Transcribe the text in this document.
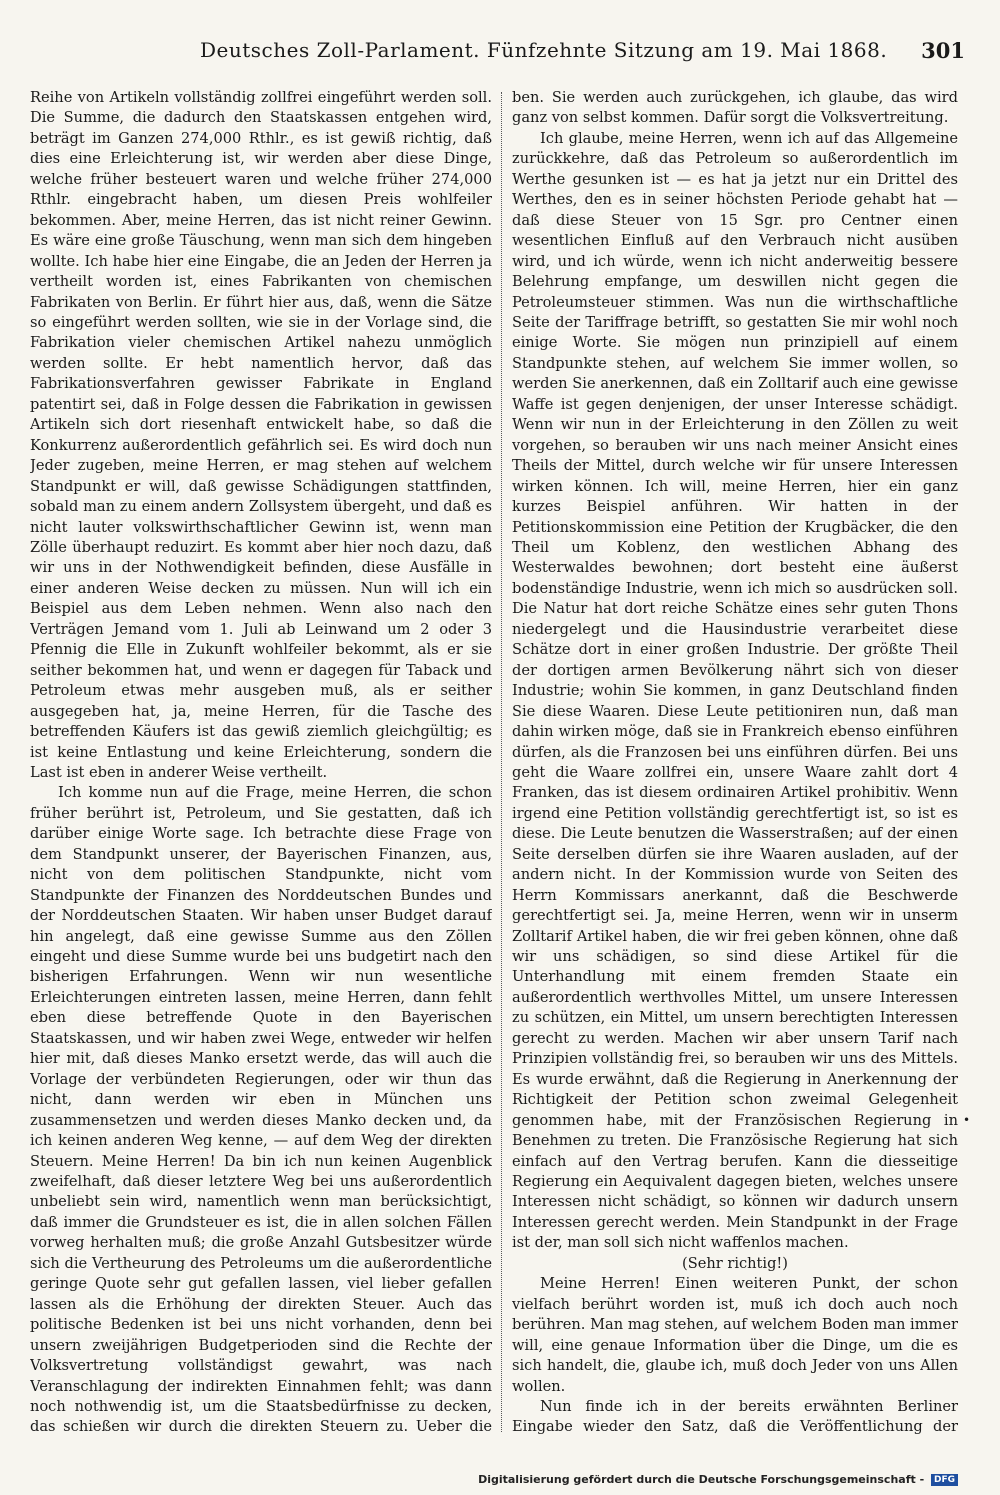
Deutsches Zoll-Parlament. Fünfzehnte Sitzung am 19. Mai 1868. 301

Reihe von Artikeln vollständig zollfrei eingeführt werden soll. Die Summe, die dadurch den Staatskassen entgehen wird, beträgt im Ganzen 274,000 Rthlr., es ist gewiß richtig, daß dies eine Erleichterung ist, wir werden aber diese Dinge, welche früher besteuert waren und welche früher 274,000 Rthlr. eingebracht haben, um diesen Preis wohlfeiler bekommen. Aber, meine Herren, das ist nicht reiner Gewinn. Es wäre eine große Täuschung, wenn man sich dem hingeben wollte. Ich habe hier eine Eingabe, die an Jeden der Herren ja vertheilt worden ist, eines Fabrikanten von chemischen Fabrikaten von Berlin. Er führt hier aus, daß, wenn die Sätze so eingeführt werden sollten, wie sie in der Vorlage sind, die Fabrikation vieler chemischen Artikel nahezu unmöglich werden sollte. Er hebt namentlich hervor, daß das Fabrikationsverfahren gewisser Fabrikate in England patentirt sei, daß in Folge dessen die Fabrikation in gewissen Artikeln sich dort riesenhaft entwickelt habe, so daß die Konkurrenz außerordentlich gefährlich sei. Es wird doch nun Jeder zugeben, meine Herren, er mag stehen auf welchem Standpunkt er will, daß gewisse Schädigungen stattfinden, sobald man zu einem andern Zollsystem übergeht, und daß es nicht lauter volkswirthschaftlicher Gewinn ist, wenn man Zölle überhaupt reduzirt. Es kommt aber hier noch dazu, daß wir uns in der Nothwendigkeit befinden, diese Ausfälle in einer anderen Weise decken zu müssen. Nun will ich ein Beispiel aus dem Leben nehmen. Wenn also nach den Verträgen Jemand vom 1. Juli ab Leinwand um 2 oder 3 Pfennig die Elle in Zukunft wohlfeiler bekommt, als er sie seither bekommen hat, und wenn er dagegen für Taback und Petroleum etwas mehr ausgeben muß, als er seither ausgegeben hat, ja, meine Herren, für die Tasche des betreffenden Käufers ist das gewiß ziemlich gleichgültig; es ist keine Entlastung und keine Erleichterung, sondern die Last ist eben in anderer Weise vertheilt.

Ich komme nun auf die Frage, meine Herren, die schon früher berührt ist, Petroleum, und Sie gestatten, daß ich darüber einige Worte sage. Ich betrachte diese Frage von dem Standpunkt unserer, der Bayerischen Finanzen, aus, nicht von dem politischen Standpunkte, nicht vom Standpunkte der Finanzen des Norddeutschen Bundes und der Norddeutschen Staaten. Wir haben unser Budget darauf hin angelegt, daß eine gewisse Summe aus den Zöllen eingeht und diese Summe wurde bei uns budgetirt nach den bisherigen Erfahrungen. Wenn wir nun wesentliche Erleichterungen eintreten lassen, meine Herren, dann fehlt eben diese betreffende Quote in den Bayerischen Staatskassen, und wir haben zwei Wege, entweder wir helfen hier mit, daß dieses Manko ersetzt werde, das will auch die Vorlage der verbündeten Regierungen, oder wir thun das nicht, dann werden wir eben in München uns zusammensetzen und werden dieses Manko decken und, da ich keinen anderen Weg kenne, — auf dem Weg der direkten Steuern. Meine Herren! Da bin ich nun keinen Augenblick zweifelhaft, daß dieser letztere Weg bei uns außerordentlich unbeliebt sein wird, namentlich wenn man berücksichtigt, daß immer die Grundsteuer es ist, die in allen solchen Fällen vorweg herhalten muß; die große Anzahl Gutsbesitzer würde sich die Vertheurung des Petroleums um die außerordentliche geringe Quote sehr gut gefallen lassen, viel lieber gefallen lassen als die Erhöhung der direkten Steuer. Auch das politische Bedenken ist bei uns nicht vorhanden, denn bei unsern zweijährigen Budgetperioden sind die Rechte der Volksvertretung vollständigst gewahrt, was nach Veranschlagung der indirekten Einnahmen fehlt; was dann noch nothwendig ist, um die Staatsbedürfnisse zu decken, das schießen wir durch die direkten Steuern zu. Ueber die

ben. Sie werden auch zurückgehen, ich glaube, das wird ganz von selbst kommen. Dafür sorgt die Volksvertreitung.

Ich glaube, meine Herren, wenn ich auf das Allgemeine zurückkehre, daß das Petroleum so außerordentlich im Werthe gesunken ist — es hat ja jetzt nur ein Drittel des Werthes, den es in seiner höchsten Periode gehabt hat — daß diese Steuer von 15 Sgr. pro Centner einen wesentlichen Einfluß auf den Verbrauch nicht ausüben wird, und ich würde, wenn ich nicht anderweitig bessere Belehrung empfange, um deswillen nicht gegen die Petroleumsteuer stimmen. Was nun die wirthschaftliche Seite der Tariffrage betrifft, so gestatten Sie mir wohl noch einige Worte. Sie mögen nun prinzipiell auf einem Standpunkte stehen, auf welchem Sie immer wollen, so werden Sie anerkennen, daß ein Zolltarif auch eine gewisse Waffe ist gegen denjenigen, der unser Interesse schädigt. Wenn wir nun in der Erleichterung in den Zöllen zu weit vorgehen, so berauben wir uns nach meiner Ansicht eines Theils der Mittel, durch welche wir für unsere Interessen wirken können. Ich will, meine Herren, hier ein ganz kurzes Beispiel anführen. Wir hatten in der Petitionskommission eine Petition der Krugbäcker, die den Theil um Koblenz, den westlichen Abhang des Westerwaldes bewohnen; dort besteht eine äußerst bodenständige Industrie, wenn ich mich so ausdrücken soll. Die Natur hat dort reiche Schätze eines sehr guten Thons niedergelegt und die Hausindustrie verarbeitet diese Schätze dort in einer großen Industrie. Der größte Theil der dortigen armen Bevölkerung nährt sich von dieser Industrie; wohin Sie kommen, in ganz Deutschland finden Sie diese Waaren. Diese Leute petitioniren nun, daß man dahin wirken möge, daß sie in Frankreich ebenso einführen dürfen, als die Franzosen bei uns einführen dürfen. Bei uns geht die Waare zollfrei ein, unsere Waare zahlt dort 4 Franken, das ist diesem ordinairen Artikel prohibitiv. Wenn irgend eine Petition vollständig gerechtfertigt ist, so ist es diese. Die Leute benutzen die Wasserstraßen; auf der einen Seite derselben dürfen sie ihre Waaren ausladen, auf der andern nicht. In der Kommission wurde von Seiten des Herrn Kommissars anerkannt, daß die Beschwerde gerechtfertigt sei. Ja, meine Herren, wenn wir in unserm Zolltarif Artikel haben, die wir frei geben können, ohne daß wir uns schädigen, so sind diese Artikel für die Unterhandlung mit einem fremden Staate ein außerordentlich werthvolles Mittel, um unsere Interessen zu schützen, ein Mittel, um unsern berechtigten Interessen gerecht zu werden. Machen wir aber unsern Tarif nach Prinzipien vollständig frei, so berauben wir uns des Mittels. Es wurde erwähnt, daß die Regierung in Anerkennung der Richtigkeit der Petition schon zweimal Gelegenheit genommen habe, mit der Französischen Regierung in Benehmen zu treten. Die Französische Regierung hat sich einfach auf den Vertrag berufen. Kann die diesseitige Regierung ein Aequivalent dagegen bieten, welches unsere Interessen nicht schädigt, so können wir dadurch unsern Interessen gerecht werden. Mein Standpunkt in der Frage ist der, man soll sich nicht waffenlos machen.

(Sehr richtig!)

Meine Herren! Einen weiteren Punkt, der schon vielfach berührt worden ist, muß ich doch auch noch berühren. Man mag stehen, auf welchem Boden man immer will, eine genaue Information über die Dinge, um die es sich handelt, die, glaube ich, muß doch Jeder von uns Allen wollen.

Nun finde ich in der bereits erwähnten Berliner Eingabe wieder den Satz, daß die Veröffentlichung der

•
Digitalisierung gefördert durch die Deutsche Forschungsgemeinschaft - DFG
